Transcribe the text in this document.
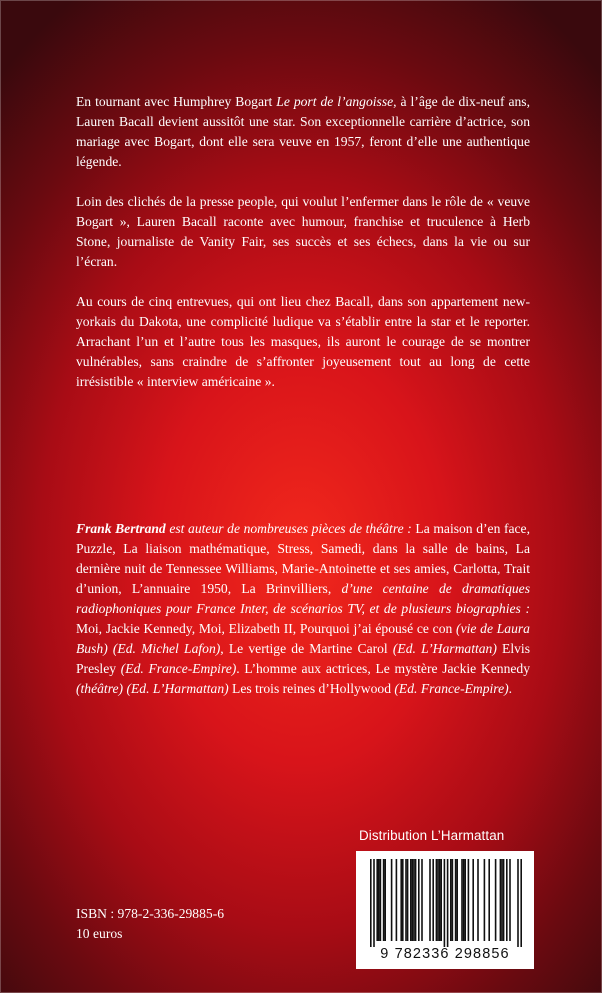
En tournant avec Humphrey Bogart Le port de l’angoisse, à l’âge de dix-neuf ans, Lauren Bacall devient aussitôt une star. Son exceptionnelle carrière d’actrice, son mariage avec Bogart, dont elle sera veuve en 1957, feront d’elle une authentique légende.

Loin des clichés de la presse people, qui voulut l’enfermer dans le rôle de « veuve Bogart », Lauren Bacall raconte avec humour, franchise et truculence à Herb Stone, journaliste de Vanity Fair, ses succès et ses échecs, dans la vie ou sur l’écran.

Au cours de cinq entrevues, qui ont lieu chez Bacall, dans son appartement new-yorkais du Dakota, une complicité ludique va s’établir entre la star et le reporter. Arrachant l’un et l’autre tous les masques, ils auront le courage de se montrer vulnérables, sans craindre de s’affronter joyeusement tout au long de cette irrésistible « interview américaine ».

Frank Bertrand est auteur de nombreuses pièces de théâtre : La maison d’en face, Puzzle, La liaison mathématique, Stress, Samedi, dans la salle de bains, La dernière nuit de Tennessee Williams, Marie-Antoinette et ses amies, Carlotta, Trait d’union, L’annuaire 1950, La Brinvilliers, d’une centaine de dramatiques radiophoniques pour France Inter, de scénarios TV, et de plusieurs biographies : Moi, Jackie Kennedy, Moi, Elizabeth II, Pourquoi j’ai épousé ce con (vie de Laura Bush) (Ed. Michel Lafon), Le vertige de Martine Carol (Ed. L’Harmattan) Elvis Presley (Ed. France-Empire). L’homme aux actrices, Le mystère Jackie Kennedy (théâtre) (Ed. L’Harmattan) Les trois reines d’Hollywood (Ed. France-Empire).
Distribution L’Harmattan
9 782336 298856
ISBN : 978-2-336-29885-6
10 euros
